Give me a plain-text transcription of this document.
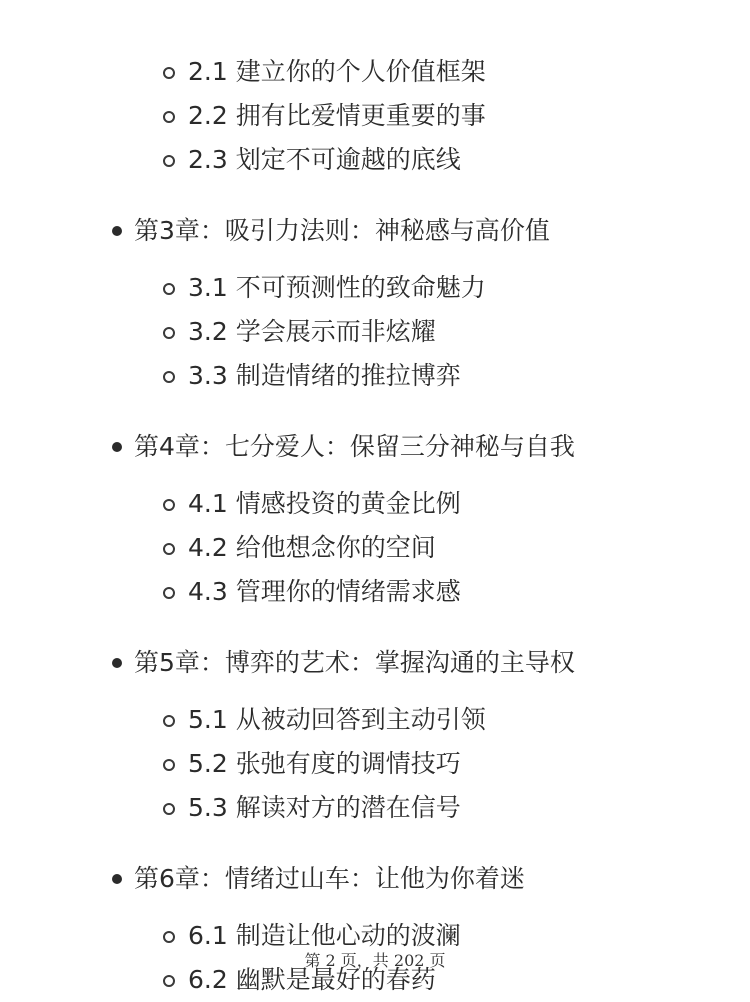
2.1 建立你的个人价值框架
2.2 拥有比爱情更重要的事
2.3 划定不可逾越的底线
第3章：吸引力法则：神秘感与高价值
3.1 不可预测性的致命魅力
3.2 学会展示而非炫耀
3.3 制造情绪的推拉博弈
第4章：七分爱人：保留三分神秘与自我
4.1 情感投资的黄金比例
4.2 给他想念你的空间
4.3 管理你的情绪需求感
第5章：博弈的艺术：掌握沟通的主导权
5.1 从被动回答到主动引领
5.2 张弛有度的调情技巧
5.3 解读对方的潜在信号
第6章：情绪过山车：让他为你着迷
6.1 制造让他心动的波澜
6.2 幽默是最好的春药
第 2 页，共 202 页
